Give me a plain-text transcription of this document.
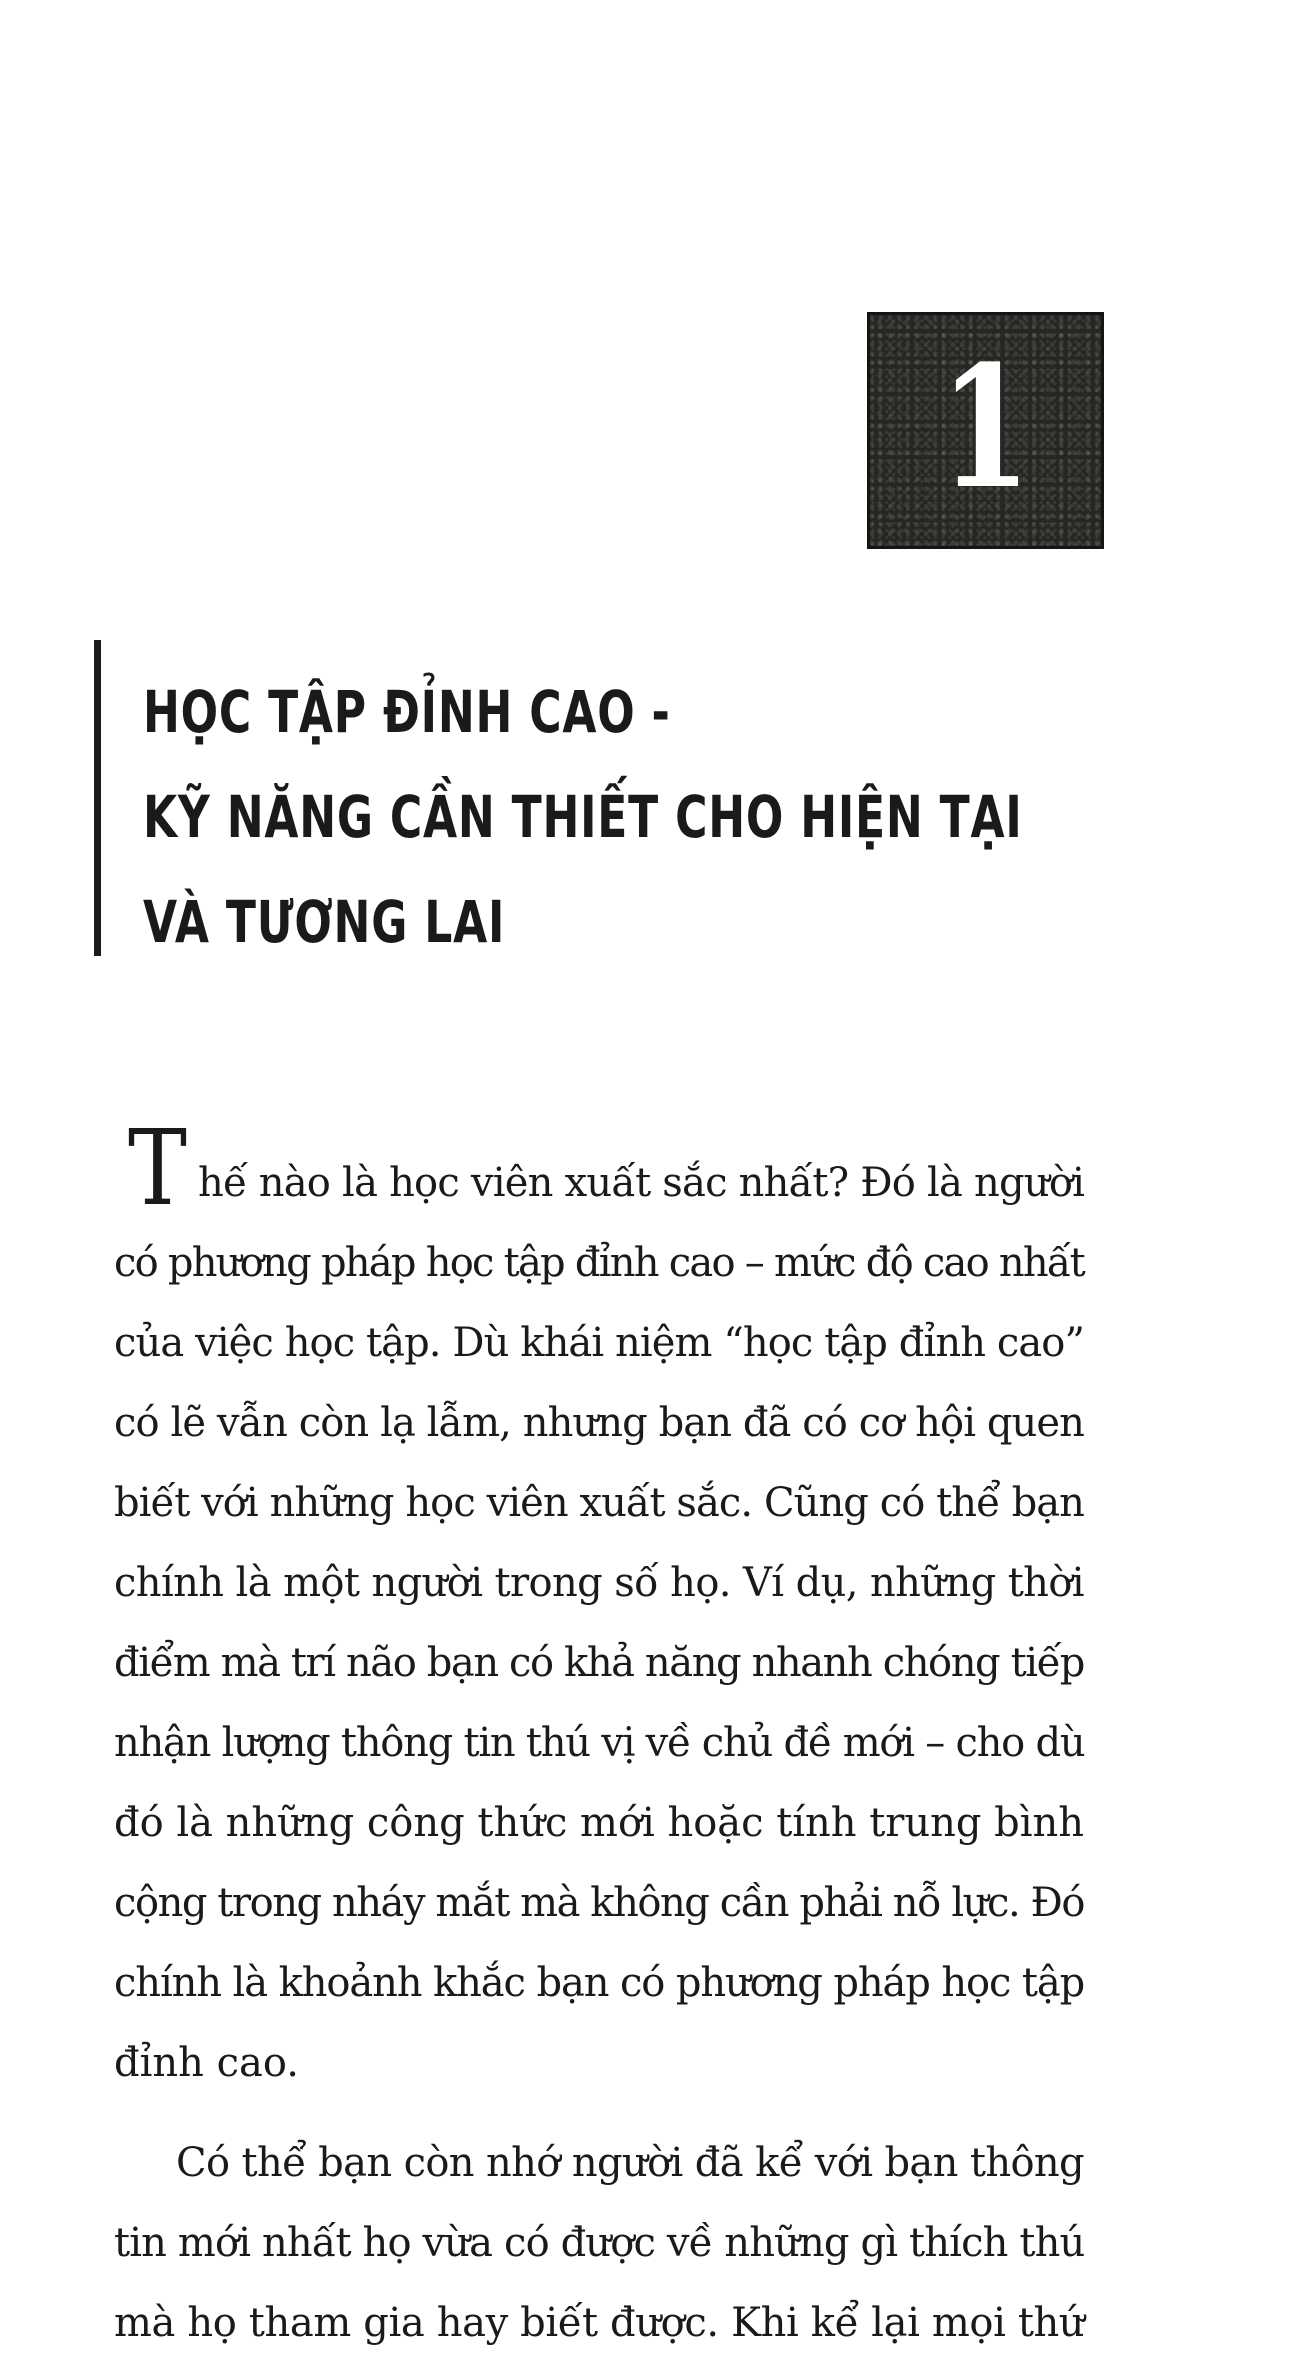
1
HỌC TẬP ĐỈNH CAO -
KỸ NĂNG CẦN THIẾT CHO HIỆN TẠI
VÀ TƯƠNG LAI
T hế nào là học viên xuất sắc nhất? Đó là người
có phương pháp học tập đỉnh cao – mức độ cao nhất
của việc học tập. Dù khái niệm “học tập đỉnh cao”
có lẽ vẫn còn lạ lẫm, nhưng bạn đã có cơ hội quen
biết với những học viên xuất sắc. Cũng có thể bạn
chính là một người trong số họ. Ví dụ, những thời
điểm mà trí não bạn có khả năng nhanh chóng tiếp
nhận lượng thông tin thú vị về chủ đề mới – cho dù
đó là những công thức mới hoặc tính trung bình
cộng trong nháy mắt mà không cần phải nỗ lực. Đó
chính là khoảnh khắc bạn có phương pháp học tập
đỉnh cao.
Có thể bạn còn nhớ người đã kể với bạn thông
tin mới nhất họ vừa có được về những gì thích thú
mà họ tham gia hay biết được. Khi kể lại mọi thứ
